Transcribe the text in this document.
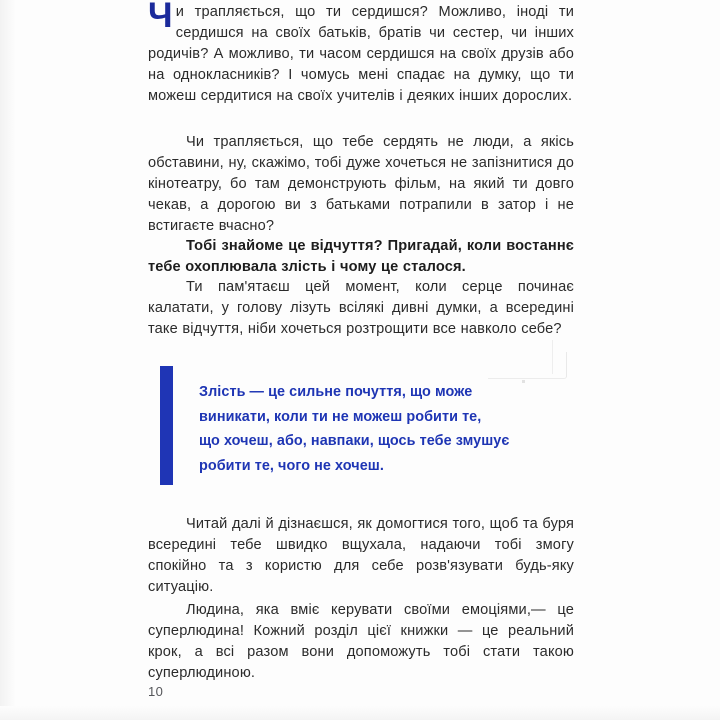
Чи трапляється, що ти сердишся? Можливо, іноді ти сердишся на своїх батьків, братів чи сестер, чи інших родичів? А можливо, ти часом сердишся на своїх друзів або на однокласників? І чомусь мені спадає на думку, що ти можеш сердитися на своїх учителів і деяких інших дорослих.

Чи трапляється, що тебе сердять не люди, а якісь обставини, ну, скажімо, тобі дуже хочеться не запізнитися до кінотеатру, бо там демонструють фільм, на який ти довго чекав, а дорогою ви з батьками потрапили в затор і не встигаєте вчасно?

Тобі знайоме це відчуття? Пригадай, коли востаннє тебе охоплювала злість і чому це сталося.

Ти пам'ятаєш цей момент, коли серце починає калатати, у голову лізуть всілякі дивні думки, а всередині таке відчуття, ніби хочеться розтрощити все навколо себе?

Читай далі й дізнаєшся, як домогтися того, щоб та буря всередині тебе швидко вщухала, надаючи тобі змогу спокійно та з користю для себе розв'язувати будь-яку ситуацію.

Людина, яка вміє керувати своїми емоціями,— це суперлюдина! Кожний розділ цієї книжки — це реальний крок, а всі разом вони допоможуть тобі стати такою суперлюдиною.

Злість — це сильне почуття, що може
виникати, коли ти не можеш робити те,
що хочеш, або, навпаки, щось тебе змушує
робити те, чого не хочеш.
10
